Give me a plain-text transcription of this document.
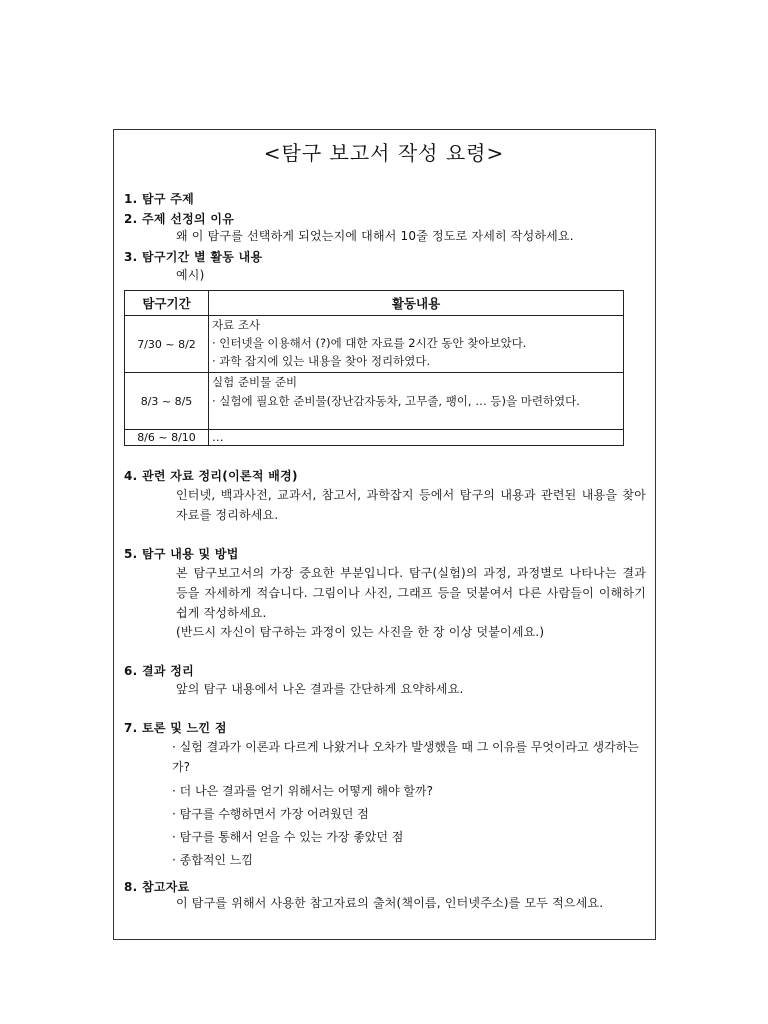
<탐구 보고서 작성 요령>
1. 탐구 주제
2. 주제 선정의 이유

왜 이 탐구를 선택하게 되었는지에 대해서 10줄 정도로 자세히 작성하세요.

3. 탐구기간 별 활동 내용

예시)

탐구기간	활동내용
7/30 ~ 8/2	자료 조사
· 인터넷을 이용해서 (?)에 대한 자료를 2시간 동안 찾아보았다.
· 과학 잡지에 있는 내용을 찾아 정리하였다.

8/3 ~ 8/5	실험 준비물 준비
· 실험에 필요한 준비물(장난감자동차, 고무줄, 팽이, … 등)을 마련하였다.

8/6 ~ 8/10	…
4. 관련 자료 정리(이론적 배경)

인터넷, 백과사전, 교과서, 참고서, 과학잡지 등에서 탐구의 내용과 관련된 내용을 찾아 자료를 정리하세요.

5. 탐구 내용 및 방법

본 탐구보고서의 가장 중요한 부분입니다. 탐구(실험)의 과정, 과정별로 나타나는 결과 등을 자세하게 적습니다. 그림이나 사진, 그래프 등을 덧붙여서 다른 사람들이 이해하기 쉽게 작성하세요.

(반드시 자신이 탐구하는 과정이 있는 사진을 한 장 이상 덧붙이세요.)

6. 결과 정리

앞의 탐구 내용에서 나온 결과를 간단하게 요약하세요.

7. 토론 및 느낀 점
· 실험 결과가 이론과 다르게 나왔거나 오차가 발생했을 때 그 이유를 무엇이라고 생각하는가?
· 더 나은 결과를 얻기 위해서는 어떻게 해야 할까?
· 탐구를 수행하면서 가장 어려웠던 점
· 탐구를 통해서 얻을 수 있는 가장 좋았던 점
· 종합적인 느낌
8. 참고자료

이 탐구를 위해서 사용한 참고자료의 출처(책이름, 인터넷주소)를 모두 적으세요.
